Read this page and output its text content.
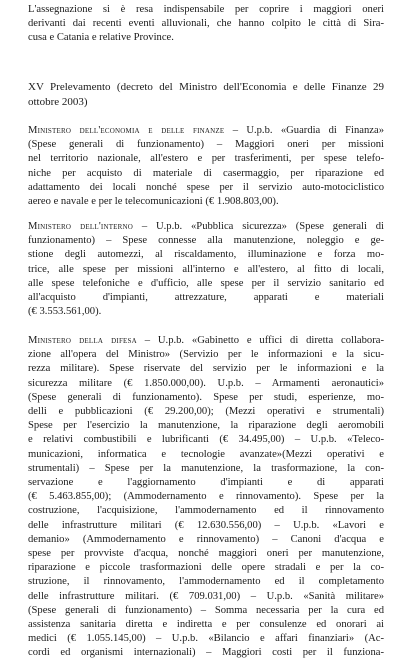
L'assegnazione si è resa indispensabile per coprire i maggiori oneri
derivanti dai recenti eventi alluvionali, che hanno colpito le città di Sira-
cusa e Catania e relative Province.
XV Prelevamento (decreto del Ministro dell'Economia e delle Finanze 29
ottobre 2003)
Ministero dell'economia e delle finanze – U.p.b. «Guardia di Finanza»
(Spese generali di funzionamento) – Maggiori oneri per missioni
nel territorio nazionale, all'estero e per trasferimenti, per spese telefo-
niche per acquisto di materiale di casermaggio, per riparazione ed
adattamento dei locali nonché spese per il servizio auto-motociclistico
aereo e navale e per le telecomunicazioni (€ 1.908.803,00).
Ministero dell'interno – U.p.b. «Pubblica sicurezza» (Spese generali di
funzionamento) – Spese connesse alla manutenzione, noleggio e ge-
stione degli automezzi, al riscaldamento, illuminazione e forza mo-
trice, alle spese per missioni all'interno e all'estero, al fitto di locali,
alle spese telefoniche e d'ufficio, alle spese per il servizio sanitario ed
all'acquisto d'impianti, attrezzature, apparati e materiali
(€ 3.553.561,00).
Ministero della difesa – U.p.b. «Gabinetto e uffici di diretta collabora-
zione all'opera del Ministro» (Servizio per le informazioni e la sicu-
rezza militare). Spese riservate del servizio per le informazioni e la
sicurezza militare (€ 1.850.000,00). U.p.b. – Armamenti aeronautici»
(Spese generali di funzionamento). Spese per studi, esperienze, mo-
delli e pubblicazioni (€ 29.200,00); (Mezzi operativi e strumentali)
Spese per l'esercizio la manutenzione, la riparazione degli aeromobili
e relativi combustibili e lubrificanti (€ 34.495,00) – U.p.b. «Teleco-
municazioni, informatica e tecnologie avanzate»(Mezzi operativi e
strumentali) – Spese per la manutenzione, la trasformazione, la con-
servazione e l'aggiornamento d'impianti e di apparati
(€ 5.463.855,00); (Ammodernamento e rinnovamento). Spese per la
costruzione, l'acquisizione, l'ammodernamento ed il rinnovamento
delle infrastrutture militari (€ 12.630.556,00) – U.p.b. «Lavori e
demanio» (Ammodernamento e rinnovamento) – Canoni d'acqua e
spese per provviste d'acqua, nonché maggiori oneri per manutenzione,
riparazione e piccole trasformazioni delle opere stradali e per la co-
struzione, il rinnovamento, l'ammodernamento ed il completamento
delle infrastrutture militari. (€ 709.031,00) – U.p.b. «Sanità militare»
(Spese generali di funzionamento) – Somma necessaria per la cura ed
assistenza sanitaria diretta e indiretta e per consulenze ed onorari ai
medici (€ 1.055.145,00) – U.p.b. «Bilancio e affari finanziari» (Ac-
cordi ed organismi internazionali) – Maggiori costi per il funziona-
